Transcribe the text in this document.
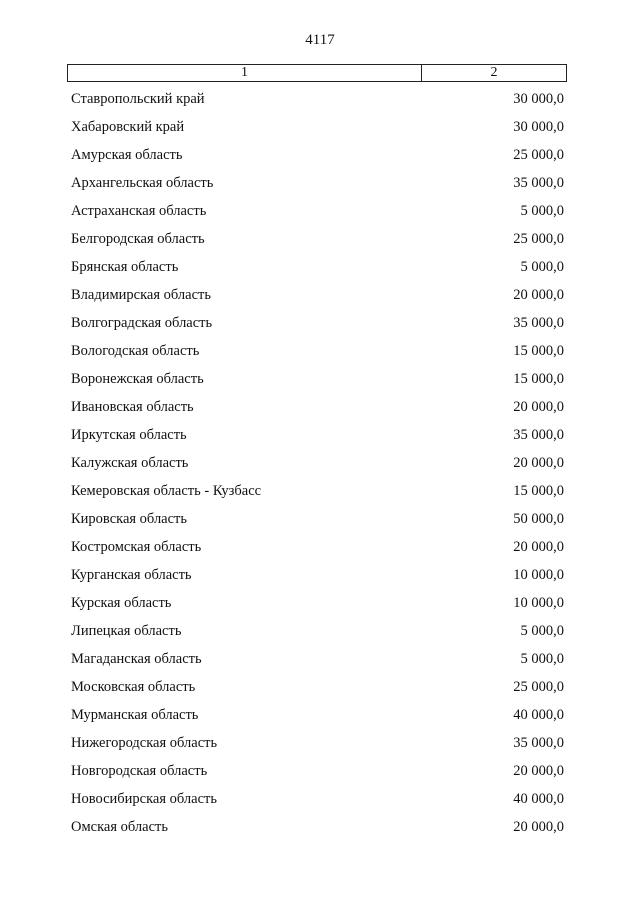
4117
1	2
Ставропольский край	30 000,0
Хабаровский край	30 000,0
Амурская область	25 000,0
Архангельская область	35 000,0
Астраханская область	5 000,0
Белгородская область	25 000,0
Брянская область	5 000,0
Владимирская область	20 000,0
Волгоградская область	35 000,0
Вологодская область	15 000,0
Воронежская область	15 000,0
Ивановская область	20 000,0
Иркутская область	35 000,0
Калужская область	20 000,0
Кемеровская область - Кузбасс	15 000,0
Кировская область	50 000,0
Костромская область	20 000,0
Курганская область	10 000,0
Курская область	10 000,0
Липецкая область	5 000,0
Магаданская область	5 000,0
Московская область	25 000,0
Мурманская область	40 000,0
Нижегородская область	35 000,0
Новгородская область	20 000,0
Новосибирская область	40 000,0
Омская область	20 000,0
